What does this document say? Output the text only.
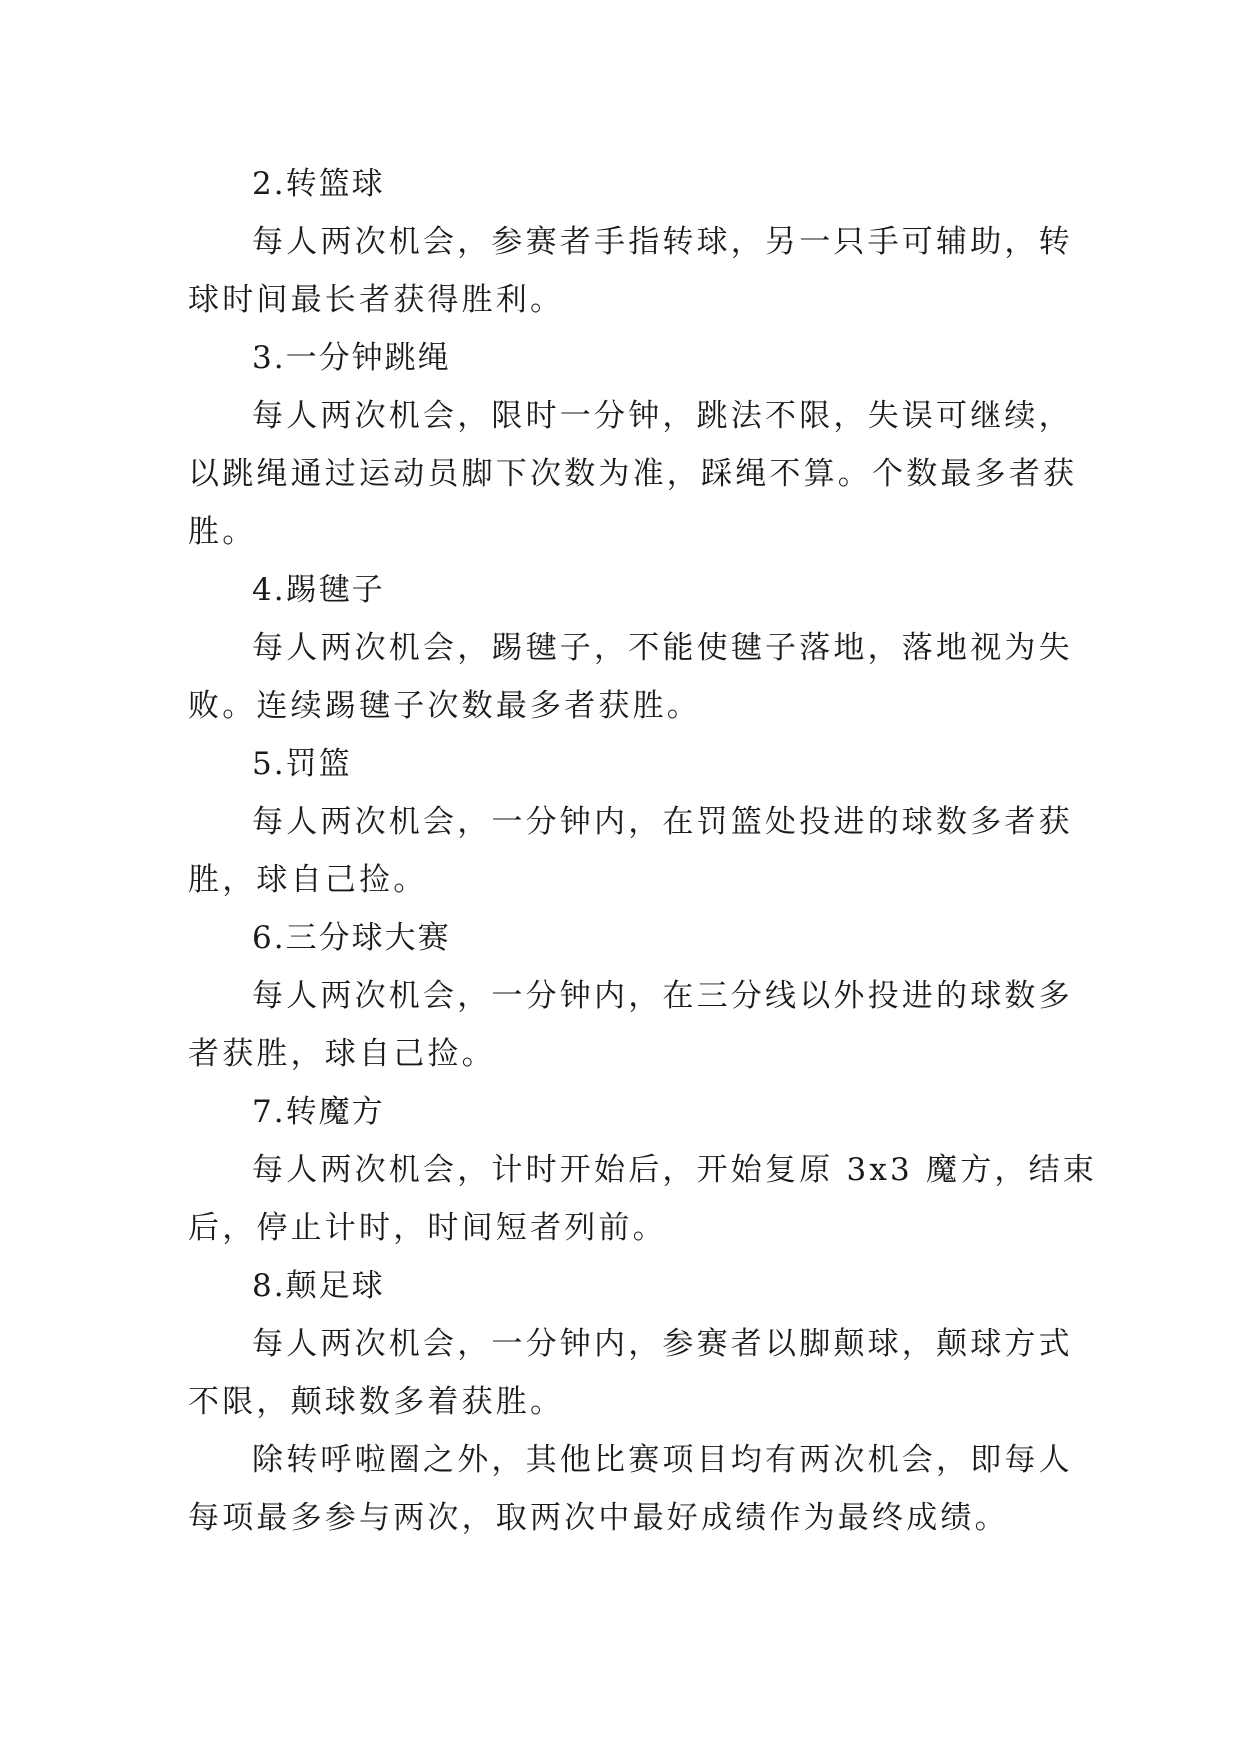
2.转篮球
每人两次机会，参赛者手指转球，另一只手可辅助，转
球时间最长者获得胜利。
3.一分钟跳绳
每人两次机会，限时一分钟，跳法不限，失误可继续，
以跳绳通过运动员脚下次数为准，踩绳不算。个数最多者获
胜。
4.踢毽子
每人两次机会，踢毽子，不能使毽子落地，落地视为失
败。连续踢毽子次数最多者获胜。
5.罚篮
每人两次机会，一分钟内，在罚篮处投进的球数多者获
胜，球自己捡。
6.三分球大赛
每人两次机会，一分钟内，在三分线以外投进的球数多
者获胜，球自己捡。
7.转魔方
每人两次机会，计时开始后，开始复原 3x3 魔方，结束
后，停止计时，时间短者列前。
8.颠足球
每人两次机会，一分钟内，参赛者以脚颠球，颠球方式
不限，颠球数多着获胜。
除转呼啦圈之外，其他比赛项目均有两次机会，即每人
每项最多参与两次，取两次中最好成绩作为最终成绩。
